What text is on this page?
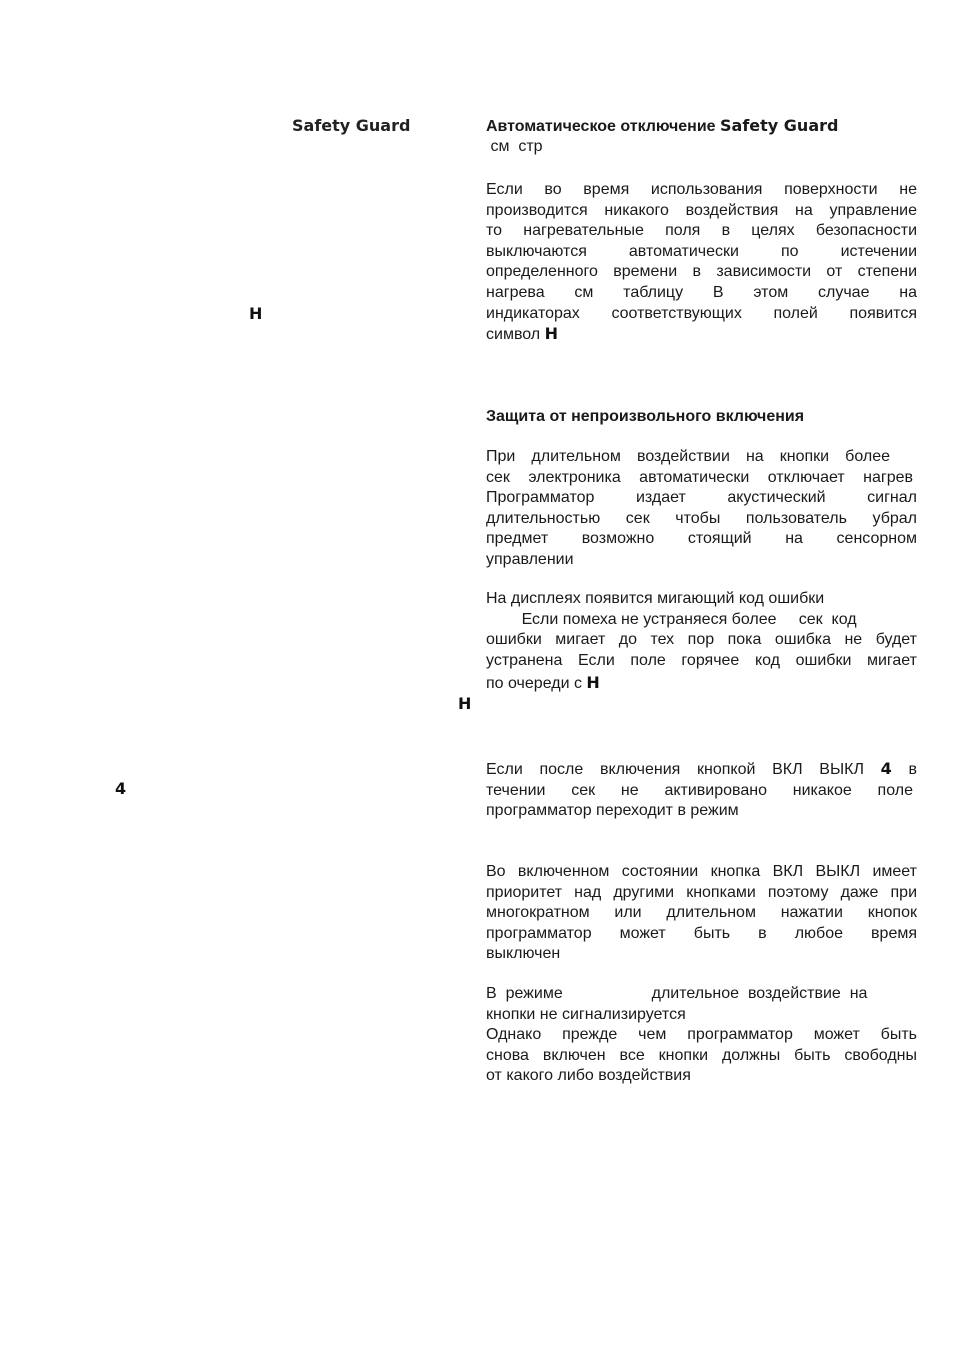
Safety Guard
H
H
4
Автоматическое отключение Safety Guard
см  стр
Если во время использования поверхности не
производится никакого воздействия на управление
то нагревательные поля в целях безопасности
выключаются автоматически по истечении
определенного времени в зависимости от степени
нагрева см таблицу В этом случае на
индикаторах соответствующих полей появится
символ H
Защита от непроизвольного включения
При длительном воздействии на кнопки более
сек электроника автоматически отключает нагрев
Программатор издает акустический сигнал
длительностью сек чтобы пользователь убрал
предмет возможно стоящий на сенсорном
управлении
На дисплеях появится мигающий код ошибки
Если помеха не устраняеся более     сек  код
ошибки мигает до тех пор пока ошибка не будет
устранена Если поле горячее код ошибки мигает
по очереди с H
Если после включения кнопкой ВКЛ ВЫКЛ 4 в
течении сек не активировано никакое поле
программатор переходит в режим
Во включенном состоянии кнопка ВКЛ ВЫКЛ имеет
приоритет над другими кнопками поэтому даже при
многократном или длительном нажатии кнопок
программатор может быть в любое время
выключен
В  режиме                    длительное  воздействие  на
кнопки не сигнализируется
Однако прежде чем программатор может быть
снова включен все кнопки должны быть свободны
от какого либо воздействия
